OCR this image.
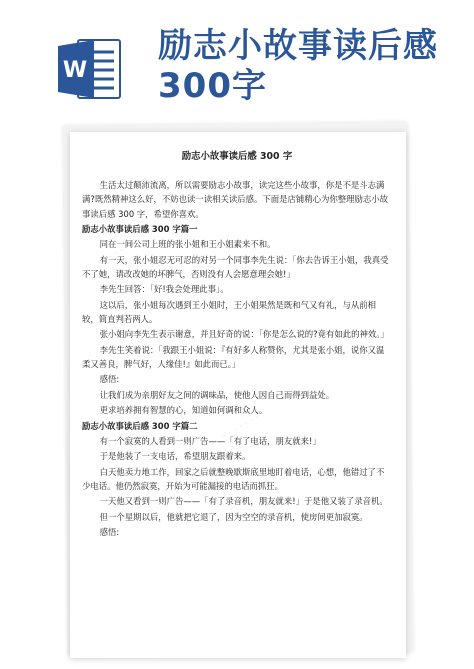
W
励志小故事读后感
300字
· · · · · · · ·
· · · · · · · ·
励志小故事读后感 300 字

生活太过颠沛流离，所以需要励志小故事，读完这些小故事，你是不是斗志满满?既然精神这么好，不妨也读一读相关读后感。下面是店铺精心为你整理励志小故事读后感 300 字，希望你喜欢。

励志小故事读后感 300 字篇一

同在一间公司上班的张小姐和王小姐素来不和。

有一天，张小姐忍无可忍的对另一个同事李先生说：「你去告诉王小姐，我真受不了她，请改改她的坏脾气，否则没有人会愿意理会她!」

李先生回答：「好!我会处理此事」。

这以后，张小姐每次遇到王小姐时，王小姐果然是既和气又有礼，与从前相较，简直判若两人。

张小姐向李先生表示谢意，并且好奇的说：「你是怎么说的?竟有如此的神效。」

李先生笑着说：「我跟王小姐说：『有好多人称赞你，尤其是张小姐，说你又温柔又善良，脾气好，人缘佳!』如此而已。」

感悟:

让我们成为亲朋好友之间的调味品，使他人因自己而得到益处。

更求培养拥有智慧的心，知道如何调和众人。

励志小故事读后感 300 字篇二

有一个寂寞的人看到一则广告——「有了电话，朋友就来!」

于是他装了一支电话，希望朋友跟着来。

白天他卖力地工作，回家之后就整晚歇斯底里地盯着电话，心想，他错过了不少电话。他仍然寂寞，开始为可能漏接的电话而抓狂。

一天他又看到一则广告——「有了录音机，朋友就来!」于是他又装了录音机。

但一个星期以后，他就把它退了，因为空空的录音机，使房间更加寂寞。

感悟:
